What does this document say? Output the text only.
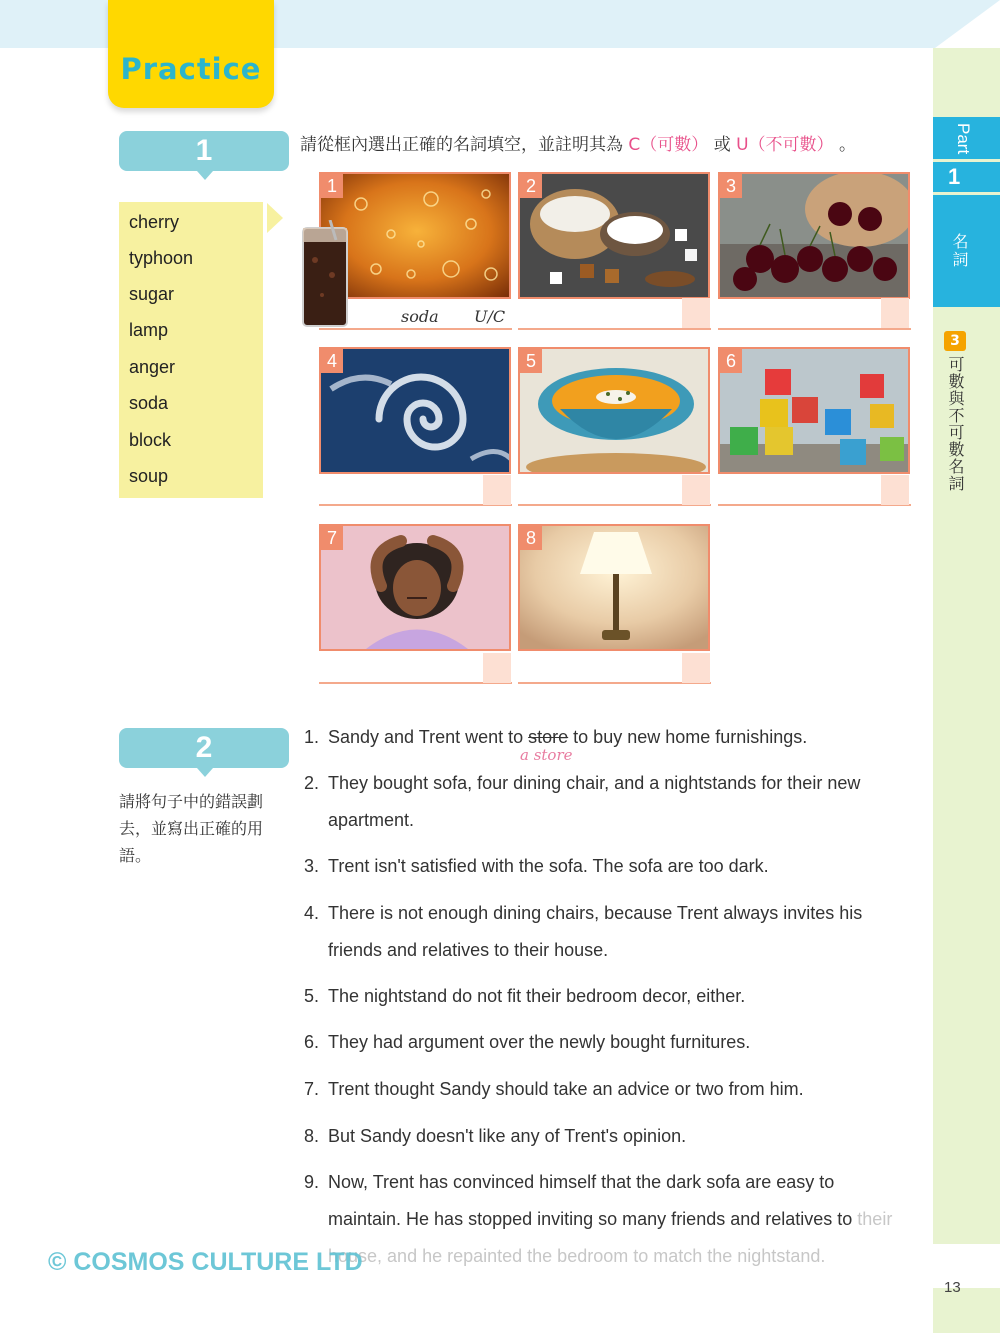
Practice
Part
1
名詞
3
可數與不可數名詞
13
1	請從框內選出正確的名詞填空，並註明其為 C（可數） 或 U（不可數） 。
cherry
typhoon
sugar
lamp
anger
soda
block
soup
1
soda U/C
2	3
4	5	6
7	8
2
請將句子中的錯誤劃去，並寫出正確的用語。
1. Sandy and Trent went to store to buy new home furnishings.
a store
2. They bought sofa, four dining chair, and a nightstands for their new apartment.
3. Trent isn't satisfied with the sofa. The sofa are too dark.
4. There is not enough dining chairs, because Trent always invites his friends and relatives to their house.
5. The nightstand do not fit their bedroom decor, either.
6. They had argument over the newly bought furnitures.
7. Trent thought Sandy should take an advice or two from him.
8. But Sandy doesn't like any of Trent's opinion.
9. Now, Trent has convinced himself that the dark sofa are easy to maintain. He has stopped inviting so many friends and relatives to their house, and he repainted the bedroom to match the nightstand.
© COSMOS CULTURE LTD
